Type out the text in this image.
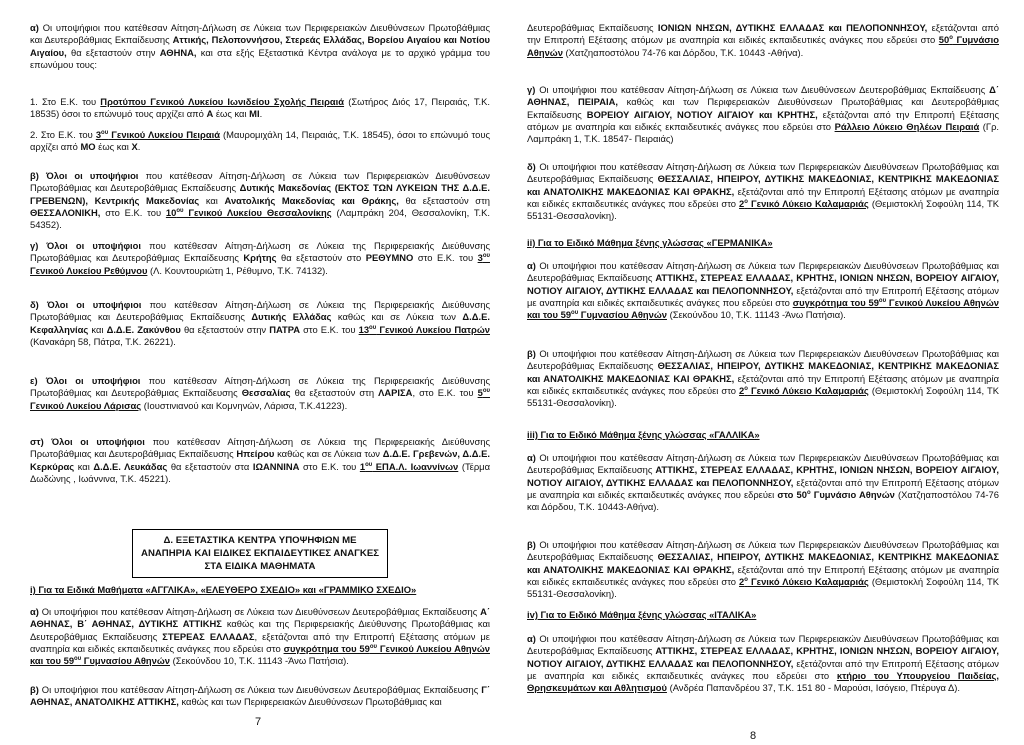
α) Οι υποψήφιοι που κατέθεσαν Αίτηση-Δήλωση σε Λύκεια των Περιφερειακών Διευθύνσεων Πρωτοβάθμιας και Δευτεροβάθμιας Εκπαίδευσης Αττικής, Πελοποννήσου, Στερεάς Ελλάδας, Βορείου Αιγαίου και Νοτίου Αιγαίου, θα εξεταστούν στην ΑΘΗΝΑ, και στα εξής Εξεταστικά Κέντρα ανάλογα με το αρχικό γράμμα του επωνύμου τους:

1. Στο Ε.Κ. του Προτύπου Γενικού Λυκείου Ιωνιδείου Σχολής Πειραιά (Σωτήρος Διός 17, Πειραιάς, Τ.Κ. 18535) όσοι το επώνυμό τους αρχίζει από Α έως και ΜΙ.

2. Στο Ε.Κ. του $3^{o\upsilon}$ Γενικού Λυκείου Πειραιά (Μαυρομιχάλη 14, Πειραιάς, Τ.Κ. 18545), όσοι το επώνυμό τους αρχίζει από ΜΟ έως και Χ.

β) Όλοι οι υποψήφιοι που κατέθεσαν Αίτηση-Δήλωση σε Λύκεια των Περιφερειακών Διευθύνσεων Πρωτοβάθμιας και Δευτεροβάθμιας Εκπαίδευσης Δυτικής Μακεδονίας (ΕΚΤΟΣ ΤΩΝ ΛΥΚΕΙΩΝ ΤΗΣ Δ.Δ.Ε. ΓΡΕΒΕΝΩΝ), Κεντρικής Μακεδονίας και Ανατολικής Μακεδονίας και Θράκης, θα εξεταστούν στη ΘΕΣΣΑΛΟΝΙΚΗ, στο Ε.Κ. του $10^{o\upsilon}$ Γενικού Λυκείου Θεσσαλονίκης (Λαμπράκη 204, Θεσσαλονίκη, Τ.Κ. 54352).

γ) Όλοι οι υποψήφιοι που κατέθεσαν Αίτηση-Δήλωση σε Λύκεια της Περιφερειακής Διεύθυνσης Πρωτοβάθμιας και Δευτεροβάθμιας Εκπαίδευσης Κρήτης θα εξεταστούν στο ΡΕΘΥΜΝΟ στο Ε.Κ. του $3^{o\upsilon}$ Γενικού Λυκείου Ρεθύμνου (Λ. Κουντουριώτη 1, Ρέθυμνο, Τ.Κ. 74132).

δ) Όλοι οι υποψήφιοι που κατέθεσαν Αίτηση-Δήλωση σε Λύκεια της Περιφερειακής Διεύθυνσης Πρωτοβάθμιας και Δευτεροβάθμιας Εκπαίδευσης Δυτικής Ελλάδας καθώς και σε Λύκεια των Δ.Δ.Ε. Κεφαλληνίας και Δ.Δ.Ε. Ζακύνθου θα εξεταστούν στην ΠΑΤΡΑ στο Ε.Κ. του $13^{o\upsilon}$ Γενικού Λυκείου Πατρών (Κανακάρη 58, Πάτρα, Τ.Κ. 26221).

ε) Όλοι οι υποψήφιοι που κατέθεσαν Αίτηση-Δήλωση σε Λύκεια της Περιφερειακής Διεύθυνσης Πρωτοβάθμιας και Δευτεροβάθμιας Εκπαίδευσης Θεσσαλίας θα εξεταστούν στη ΛΑΡΙΣΑ, στο Ε.Κ. του $5^{o\upsilon}$ Γενικού Λυκείου Λάρισας (Ιουστινιανού και Κομνηνών, Λάρισα, Τ.Κ.41223).

στ) Όλοι οι υποψήφιοι που κατέθεσαν Αίτηση-Δήλωση σε Λύκεια της Περιφερειακής Διεύθυνσης Πρωτοβάθμιας και Δευτεροβάθμιας Εκπαίδευσης Ηπείρου καθώς και σε Λύκεια των Δ.Δ.Ε. Γρεβενών, Δ.Δ.Ε. Κερκύρας και Δ.Δ.Ε. Λευκάδας θα εξεταστούν στα ΙΩΑΝΝΙΝΑ στο Ε.Κ. του $1^{o\upsilon}$ ΕΠΑ.Λ. Ιωαννίνων (Τέρμα Δωδώνης , Ιωάννινα, Τ.Κ. 45221).

Δ. ΕΞΕΤΑΣΤΙΚΑ ΚΕΝΤΡΑ ΥΠΟΨΗΦΙΩΝ ΜΕ ΑΝΑΠΗΡΙΑ ΚΑΙ ΕΙΔΙΚΕΣ ΕΚΠΑΙΔΕΥΤΙΚΕΣ ΑΝΑΓΚΕΣ ΣΤΑ ΕΙΔΙΚΑ ΜΑΘΗΜΑΤΑ

i) Για τα Ειδικά Μαθήματα «ΑΓΓΛΙΚΑ», «ΕΛΕΥΘΕΡΟ ΣΧΕΔΙΟ» και «ΓΡΑΜΜΙΚΟ ΣΧΕΔΙΟ»

α) Οι υποψήφιοι που κατέθεσαν Αίτηση-Δήλωση σε Λύκεια των Διευθύνσεων Δευτεροβάθμιας Εκπαίδευσης Α΄ ΑΘΗΝΑΣ, Β΄ ΑΘΗΝΑΣ, ΔΥΤΙΚΗΣ ΑΤΤΙΚΗΣ καθώς και της Περιφερειακής Διεύθυνσης Πρωτοβάθμιας και Δευτεροβάθμιας Εκπαίδευσης ΣΤΕΡΕΑΣ ΕΛΛΑΔΑΣ, εξετάζονται από την Επιτροπή Εξέτασης ατόμων με αναπηρία και ειδικές εκπαιδευτικές ανάγκες που εδρεύει στο συγκρότημα του $59^{o\upsilon}$ Γενικού Λυκείου Αθηνών και του $59^{o\upsilon}$ Γυμνασίου Αθηνών (Σεκούνδου 10, Τ.Κ. 11143 -Άνω Πατήσια).

β) Οι υποψήφιοι που κατέθεσαν Αίτηση-Δήλωση σε Λύκεια των Διευθύνσεων Δευτεροβάθμιας Εκπαίδευσης Γ΄ ΑΘΗΝΑΣ, ΑΝΑΤΟΛΙΚΗΣ ΑΤΤΙΚΗΣ, καθώς και των Περιφερειακών Διευθύνσεων Πρωτοβάθμιας και

7

Δευτεροβάθμιας Εκπαίδευσης ΙΟΝΙΩΝ ΝΗΣΩΝ, ΔΥΤΙΚΗΣ ΕΛΛΑΔΑΣ και ΠΕΛΟΠΟΝΝΗΣΟΥ, εξετάζονται από την Επιτροπή Εξέτασης ατόμων με αναπηρία και ειδικές εκπαιδευτικές ανάγκες που εδρεύει στο $50^o$ Γυμνάσιο Αθηνών (Χατζηαποστόλου 74-76 και Δόρδου, Τ.Κ. 10443 -Αθήνα).

γ) Οι υποψήφιοι που κατέθεσαν Αίτηση-Δήλωση σε Λύκεια των Διευθύνσεων Δευτεροβάθμιας Εκπαίδευσης Δ΄ ΑΘΗΝΑΣ, ΠΕΙΡΑΙΑ, καθώς και των Περιφερειακών Διευθύνσεων Πρωτοβάθμιας και Δευτεροβάθμιας Εκπαίδευσης ΒΟΡΕΙΟΥ ΑΙΓΑΙΟΥ, ΝΟΤΙΟΥ ΑΙΓΑΙΟΥ και ΚΡΗΤΗΣ, εξετάζονται από την Επιτροπή Εξέτασης ατόμων με αναπηρία και ειδικές εκπαιδευτικές ανάγκες που εδρεύει στο Ράλλειο Λύκειο Θηλέων Πειραιά (Γρ. Λαμπράκη 1, Τ.Κ. 18547- Πειραιάς)

δ) Οι υποψήφιοι που κατέθεσαν Αίτηση-Δήλωση σε Λύκεια των Περιφερειακών Διευθύνσεων Πρωτοβάθμιας και Δευτεροβάθμιας Εκπαίδευσης ΘΕΣΣΑΛΙΑΣ, ΗΠΕΙΡΟΥ, ΔΥΤΙΚΗΣ ΜΑΚΕΔΟΝΙΑΣ, ΚΕΝΤΡΙΚΗΣ ΜΑΚΕΔΟΝΙΑΣ και ΑΝΑΤΟΛΙΚΗΣ ΜΑΚΕΔΟΝΙΑΣ ΚΑΙ ΘΡΑΚΗΣ, εξετάζονται από την Επιτροπή Εξέτασης ατόμων με αναπηρία και ειδικές εκπαιδευτικές ανάγκες που εδρεύει στο $2^o$ Γενικό Λύκειο Καλαμαριάς (Θεμιστοκλή Σοφούλη 114, ΤΚ 55131-Θεσσαλονίκη).

ii) Για το Ειδικό Μάθημα ξένης γλώσσας «ΓΕΡΜΑΝΙΚΑ»

α) Οι υποψήφιοι που κατέθεσαν Αίτηση-Δήλωση σε Λύκεια των Περιφερειακών Διευθύνσεων Πρωτοβάθμιας και Δευτεροβάθμιας Εκπαίδευσης ΑΤΤΙΚΗΣ, ΣΤΕΡΕΑΣ ΕΛΛΑΔΑΣ, ΚΡΗΤΗΣ, ΙΟΝΙΩΝ ΝΗΣΩΝ, ΒΟΡΕΙΟΥ ΑΙΓΑΙΟΥ, ΝΟΤΙΟΥ ΑΙΓΑΙΟΥ, ΔΥΤΙΚΗΣ ΕΛΛΑΔΑΣ και ΠΕΛΟΠΟΝΝΗΣΟΥ, εξετάζονται από την Επιτροπή Εξέτασης ατόμων με αναπηρία και ειδικές εκπαιδευτικές ανάγκες που εδρεύει στο συγκρότημα του $59^{o\upsilon}$ Γενικού Λυκείου Αθηνών και του $59^{o\upsilon}$ Γυμνασίου Αθηνών (Σεκούνδου 10, Τ.Κ. 11143 -Άνω Πατήσια).

β) Οι υποψήφιοι που κατέθεσαν Αίτηση-Δήλωση σε Λύκεια των Περιφερειακών Διευθύνσεων Πρωτοβάθμιας και Δευτεροβάθμιας Εκπαίδευσης ΘΕΣΣΑΛΙΑΣ, ΗΠΕΙΡΟΥ, ΔΥΤΙΚΗΣ ΜΑΚΕΔΟΝΙΑΣ, ΚΕΝΤΡΙΚΗΣ ΜΑΚΕΔΟΝΙΑΣ και ΑΝΑΤΟΛΙΚΗΣ ΜΑΚΕΔΟΝΙΑΣ ΚΑΙ ΘΡΑΚΗΣ, εξετάζονται από την Επιτροπή Εξέτασης ατόμων με αναπηρία και ειδικές εκπαιδευτικές ανάγκες που εδρεύει στο $2^o$ Γενικό Λύκειο Καλαμαριάς (Θεμιστοκλή Σοφούλη 114, ΤΚ 55131-Θεσσαλονίκη).

iii) Για το Ειδικό Μάθημα ξένης γλώσσας «ΓΑΛΛΙΚΑ»

α) Οι υποψήφιοι που κατέθεσαν Αίτηση-Δήλωση σε Λύκεια των Περιφερειακών Διευθύνσεων Πρωτοβάθμιας και Δευτεροβάθμιας Εκπαίδευσης ΑΤΤΙΚΗΣ, ΣΤΕΡΕΑΣ ΕΛΛΑΔΑΣ, ΚΡΗΤΗΣ, ΙΟΝΙΩΝ ΝΗΣΩΝ, ΒΟΡΕΙΟΥ ΑΙΓΑΙΟΥ, ΝΟΤΙΟΥ ΑΙΓΑΙΟΥ, ΔΥΤΙΚΗΣ ΕΛΛΑΔΑΣ και ΠΕΛΟΠΟΝΝΗΣΟΥ, εξετάζονται από την Επιτροπή Εξέτασης ατόμων με αναπηρία και ειδικές εκπαιδευτικές ανάγκες που εδρεύει στο $50^o$ Γυμνάσιο Αθηνών (Χατζηαποστόλου 74-76 και Δόρδου, Τ.Κ. 10443-Αθήνα).

β) Οι υποψήφιοι που κατέθεσαν Αίτηση-Δήλωση σε Λύκεια των Περιφερειακών Διευθύνσεων Πρωτοβάθμιας και Δευτεροβάθμιας Εκπαίδευσης ΘΕΣΣΑΛΙΑΣ, ΗΠΕΙΡΟΥ, ΔΥΤΙΚΗΣ ΜΑΚΕΔΟΝΙΑΣ, ΚΕΝΤΡΙΚΗΣ ΜΑΚΕΔΟΝΙΑΣ και ΑΝΑΤΟΛΙΚΗΣ ΜΑΚΕΔΟΝΙΑΣ ΚΑΙ ΘΡΑΚΗΣ, εξετάζονται από την Επιτροπή Εξέτασης ατόμων με αναπηρία και ειδικές εκπαιδευτικές ανάγκες που εδρεύει στο $2^o$ Γενικό Λύκειο Καλαμαριάς (Θεμιστοκλή Σοφούλη 114, ΤΚ 55131-Θεσσαλονίκη).

iv) Για το Ειδικό Μάθημα ξένης γλώσσας «ΙΤΑΛΙΚΑ»

α) Οι υποψήφιοι που κατέθεσαν Αίτηση-Δήλωση σε Λύκεια των Περιφερειακών Διευθύνσεων Πρωτοβάθμιας και Δευτεροβάθμιας Εκπαίδευσης ΑΤΤΙΚΗΣ, ΣΤΕΡΕΑΣ ΕΛΛΑΔΑΣ, ΚΡΗΤΗΣ, ΙΟΝΙΩΝ ΝΗΣΩΝ, ΒΟΡΕΙΟΥ ΑΙΓΑΙΟΥ, ΝΟΤΙΟΥ ΑΙΓΑΙΟΥ, ΔΥΤΙΚΗΣ ΕΛΛΑΔΑΣ και ΠΕΛΟΠΟΝΝΗΣΟΥ, εξετάζονται από την Επιτροπή Εξέτασης ατόμων με αναπηρία και ειδικές εκπαιδευτικές ανάγκες που εδρεύει στο κτήριο του Υπουργείου Παιδείας, Θρησκευμάτων και Αθλητισμού (Ανδρέα Παπανδρέου 37, Τ.Κ. 151 80 - Μαρούσι, Ισόγειο, Πτέρυγα Δ).

8
